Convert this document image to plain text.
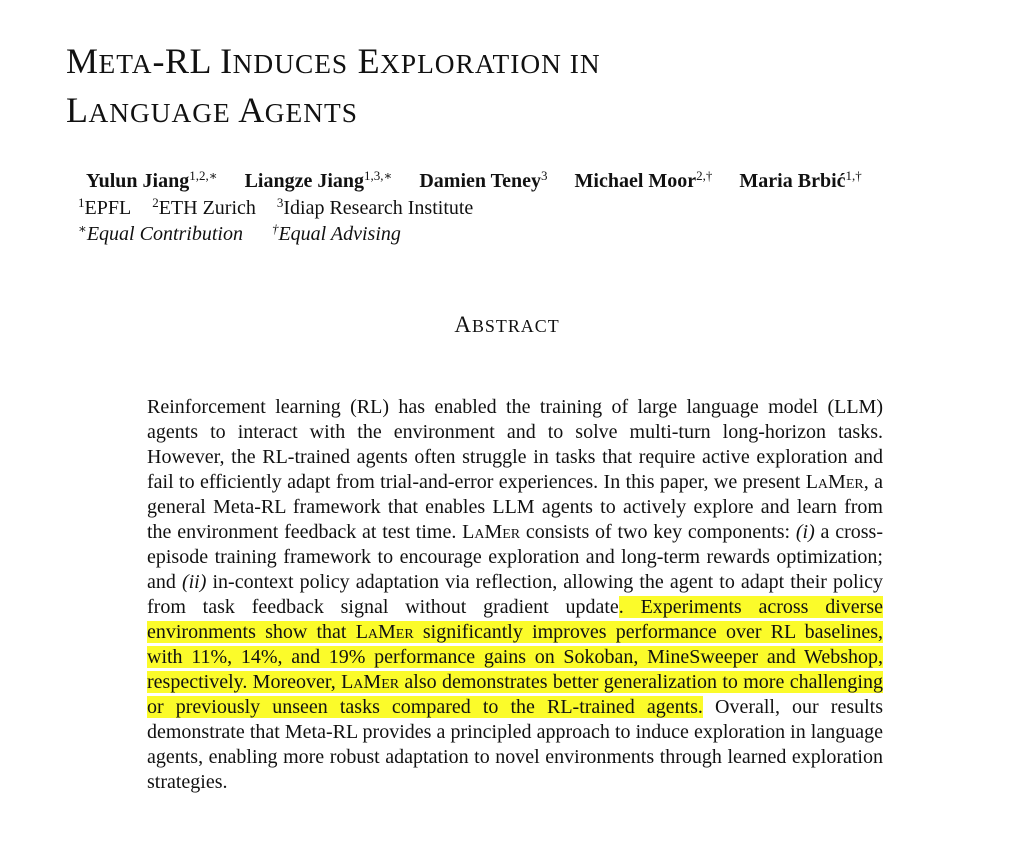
META-RL INDUCES EXPLORATION IN
LANGUAGE AGENTS
Yulun Jiang$^{1,2,∗}$ Liangze Jiang$^{1,3,∗}$ Damien Teney$^3$ Michael Moor$^{2,\dagger}$ Maria Brbić$^{1,\dagger}$
$^1$EPFL $^2$ETH Zurich $^3$Idiap Research Institute
∗Equal Contribution †Equal Advising
ABSTRACT

Reinforcement learning (RL) has enabled the training of large language model (LLM) agents to interact with the environment and to solve multi-turn long-horizon tasks. However, the RL-trained agents often struggle in tasks that require active exploration and fail to efficiently adapt from trial-and-error experiences. In this paper, we present LaMer, a general Meta-RL framework that enables LLM agents to actively explore and learn from the environment feedback at test time. LaMer consists of two key components: (i) a cross-episode training framework to encourage exploration and long-term rewards optimization; and (ii) in-context policy adaptation via reflection, allowing the agent to adapt their policy from task feedback signal without gradient update. Experiments across diverse environments show that LaMer significantly improves performance over RL baselines, with 11%, 14%, and 19% performance gains on Sokoban, MineSweeper and Webshop, respectively. Moreover, LaMer also demonstrates better generalization to more challenging or previously unseen tasks compared to the RL-trained agents. Overall, our results demonstrate that Meta-RL provides a principled approach to induce exploration in language agents, enabling more robust adaptation to novel environments through learned exploration strategies.
